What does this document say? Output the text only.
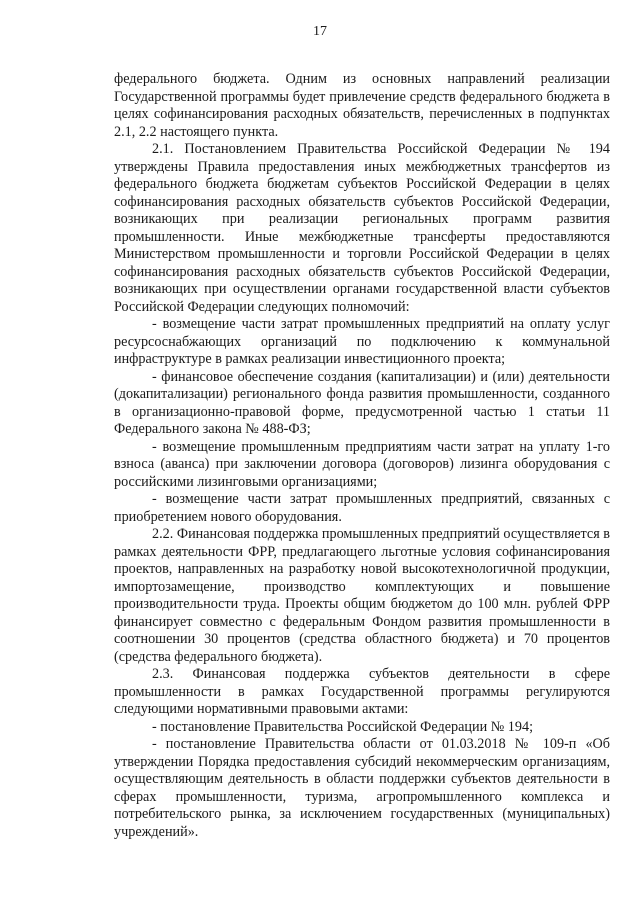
17

федерального бюджета. Одним из основных направлений реализации Государственной программы будет привлечение средств федерального бюджета в целях софинансирования расходных обязательств, перечисленных в подпунктах 2.1, 2.2 настоящего пункта.

2.1. Постановлением Правительства Российской Федерации № 194 утверждены Правила предоставления иных межбюджетных трансфертов из федерального бюджета бюджетам субъектов Российской Федерации в целях софинансирования расходных обязательств субъектов Российской Федерации, возникающих при реализации региональных программ развития промышленности. Иные межбюджетные трансферты предоставляются Министерством промышленности и торговли Российской Федерации в целях софинансирования расходных обязательств субъектов Российской Федерации, возникающих при осуществлении органами государственной власти субъектов Российской Федерации следующих полномочий:

- возмещение части затрат промышленных предприятий на оплату услуг ресурсоснабжающих организаций по подключению к коммунальной инфраструктуре в рамках реализации инвестиционного проекта;

- финансовое обеспечение создания (капитализации) и (или) деятельности (докапитализации) регионального фонда развития промышленности, созданного в организационно-правовой форме, предусмотренной частью 1 статьи 11 Федерального закона № 488-ФЗ;

- возмещение промышленным предприятиям части затрат на уплату 1-го взноса (аванса) при заключении договора (договоров) лизинга оборудования с российскими лизинговыми организациями;

- возмещение части затрат промышленных предприятий, связанных с приобретением нового оборудования.

2.2. Финансовая поддержка промышленных предприятий осуществляется в рамках деятельности ФРР, предлагающего льготные условия софинансирования проектов, направленных на разработку новой высокотехнологичной продукции, импортозамещение, производство комплектующих и повышение производительности труда. Проекты общим бюджетом до 100 млн. рублей ФРР финансирует совместно с федеральным Фондом развития промышленности в соотношении 30 процентов (средства областного бюджета) и 70 процентов (средства федерального бюджета).

2.3. Финансовая поддержка субъектов деятельности в сфере промышленности в рамках Государственной программы регулируются следующими нормативными правовыми актами:

- постановление Правительства Российской Федерации № 194;

- постановление Правительства области от 01.03.2018 № 109-п «Об утверждении Порядка предоставления субсидий некоммерческим организациям, осуществляющим деятельность в области поддержки субъектов деятельности в сферах промышленности, туризма, агропромышленного комплекса и потребительского рынка, за исключением государственных (муниципальных) учреждений».
